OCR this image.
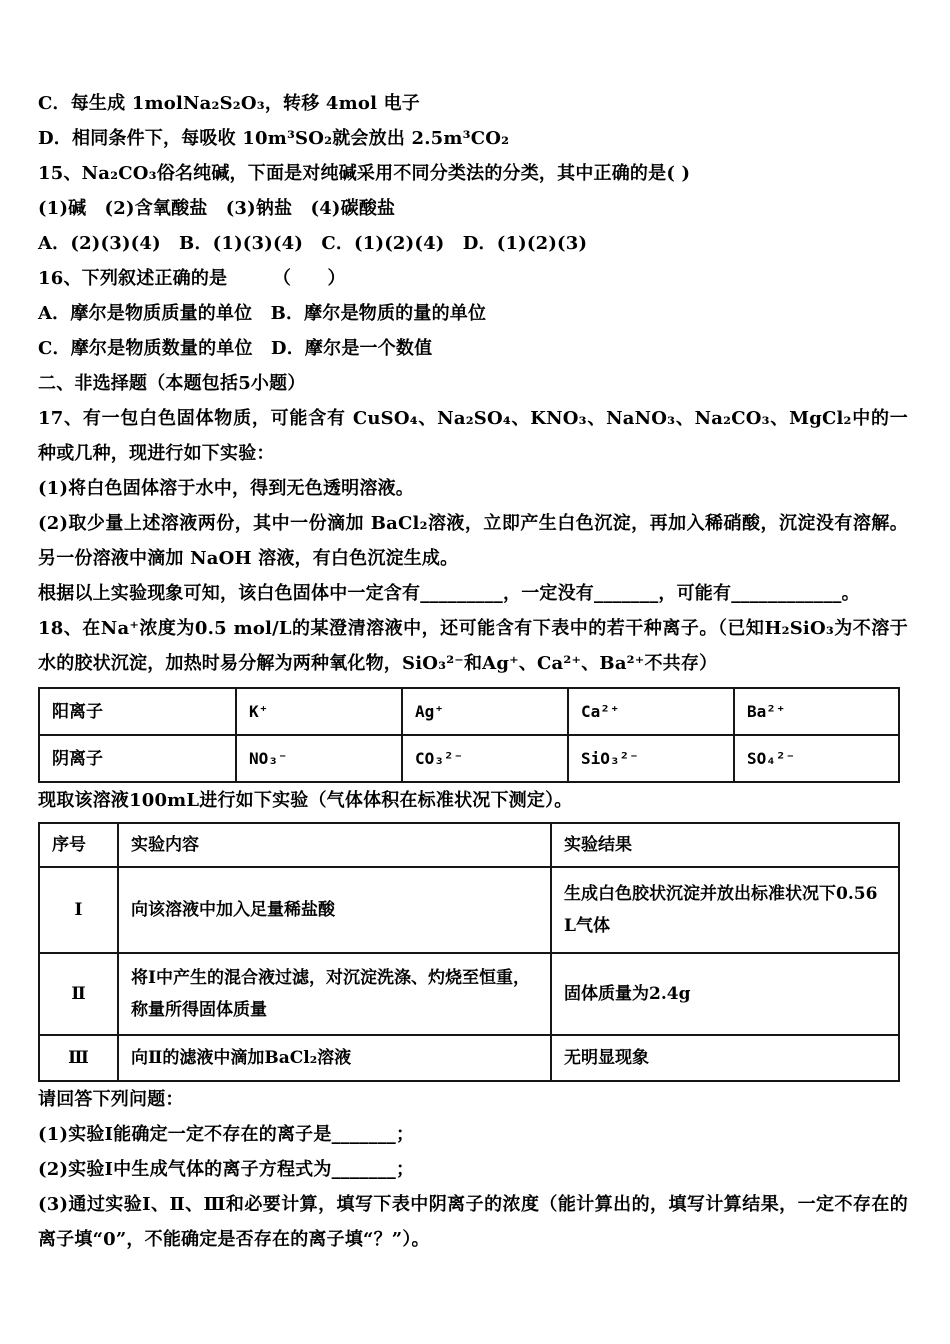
C．每生成 1molNa₂S₂O₃，转移 4mol 电子

D．相同条件下，每吸收 10m³SO₂就会放出 2.5m³CO₂

15、Na₂CO₃俗名纯碱，下面是对纯碱采用不同分类法的分类，其中正确的是( )

(1)碱　(2)含氧酸盐　(3)钠盐　(4)碳酸盐

A．(2)(3)(4)　B．(1)(3)(4)　C．(1)(2)(4)　D．(1)(2)(3)

16、下列叙述正确的是　　　（　　）

A．摩尔是物质质量的单位　B．摩尔是物质的量的单位

C．摩尔是物质数量的单位　D．摩尔是一个数值

二、非选择题（本题包括5小题）

17、有一包白色固体物质，可能含有 CuSO₄、Na₂SO₄、KNO₃、NaNO₃、Na₂CO₃、MgCl₂中的一种或几种，现进行如下实验：

(1)将白色固体溶于水中，得到无色透明溶液。

(2)取少量上述溶液两份，其中一份滴加 BaCl₂溶液，立即产生白色沉淀，再加入稀硝酸，沉淀没有溶解。另一份溶液中滴加 NaOH 溶液，有白色沉淀生成。

根据以上实验现象可知，该白色固体中一定含有_________，一定没有_______，可能有____________。

18、在Na⁺浓度为0.5 mol/L的某澄清溶液中，还可能含有下表中的若干种离子。（已知H₂SiO₃为不溶于水的胶状沉淀，加热时易分解为两种氧化物，SiO₃²⁻和Ag⁺、Ca²⁺、Ba²⁺不共存）

阳离子	K⁺	Ag⁺	Ca²⁺	Ba²⁺
阴离子	NO₃⁻	CO₃²⁻	SiO₃²⁻	SO₄²⁻

现取该溶液100mL进行如下实验（气体体积在标准状况下测定）。

序号	实验内容	实验结果
Ⅰ	向该溶液中加入足量稀盐酸	生成白色胶状沉淀并放出标准状况下0.56 L气体
Ⅱ	将Ⅰ中产生的混合液过滤，对沉淀洗涤、灼烧至恒重，称量所得固体质量	固体质量为2.4g
Ⅲ	向Ⅱ的滤液中滴加BaCl₂溶液	无明显现象

请回答下列问题：

(1)实验Ⅰ能确定一定不存在的离子是_______；

(2)实验Ⅰ中生成气体的离子方程式为_______；

(3)通过实验Ⅰ、Ⅱ、Ⅲ和必要计算，填写下表中阴离子的浓度（能计算出的，填写计算结果，一定不存在的离子填“0”，不能确定是否存在的离子填“？”）。
